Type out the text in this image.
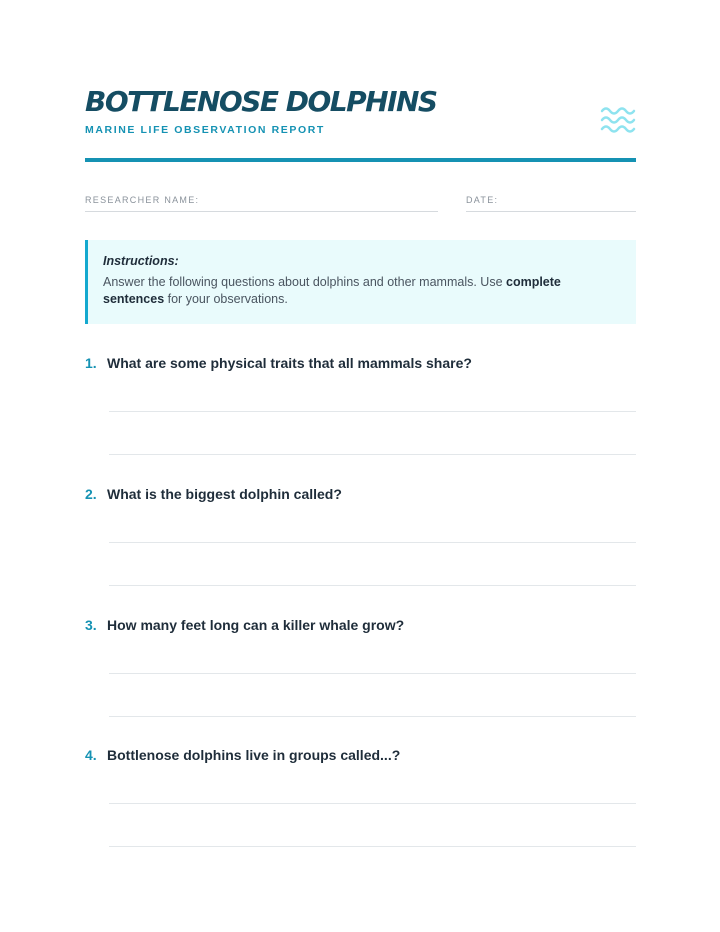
BOTTLENOSE DOLPHINS
MARINE LIFE OBSERVATION REPORT
RESEARCHER NAME:	DATE:
Instructions:
Answer the following questions about dolphins and other mammals. Use complete sentences for your observations.
1. What are some physical traits that all mammals share?
2. What is the biggest dolphin called?
3. How many feet long can a killer whale grow?
4. Bottlenose dolphins live in groups called...?
